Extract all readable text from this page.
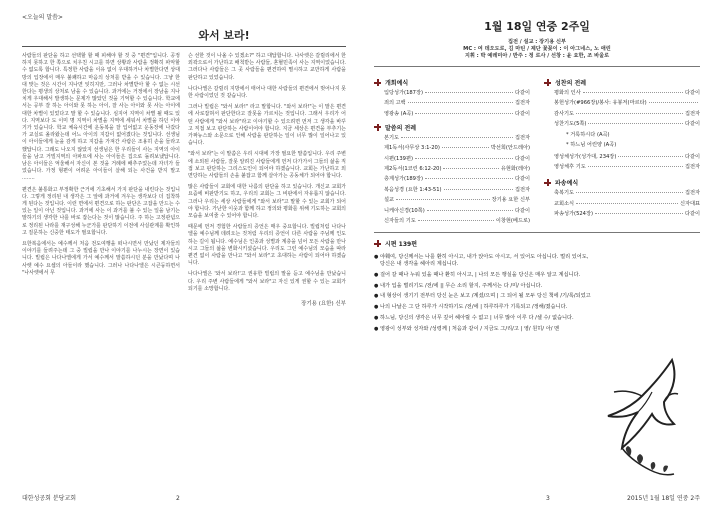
<오늘의 말씀>
와서 보라!

사람들의 판단을 하고 선택할 할 때 피해야 할 것 중 "편견"입니다. 공정하지 못하고 한 쪽으로 치우친 시고를 하면 상황과 사람을 정확히 파악할 수 없도록 합니다. 특정한 사람을 이유 없이 우대하거나 차별한다면 상대방의 입장에서 매우 불쾌하고 마음의 상처를 받을 수 있습니다. 그냥 한 대 맞는 것은 시간이 지나면 잊히지만, 그러나 차별받아 할 수 없는 시선 한다는 평생의 상처로 남을 수 있습니다. 과거에는 거정에서 장남을 지나치게 우대해서 발생하는 문제가 많았던 것을 기억할 수 있습니다. 학교에서는 공부 잘 하는 아이와 못 하는 아이, 잘 사는 아이와 못 사는 아이에 대한 차별이 있었다고 말 할 수 있습니다. 심지어 지역이 차별 될 때도 있다. 지역보다 도 이미 명 지역이 차별을 지역에 세워서 차별을 하던 이야기가 있습니다. 학교 체육시간에 운동복을 잘 입어없고 운동장에 나갔다가 교실로 올라왔는데 어느 아이의 지갑이 없어졌다는 것입니다. 선생님이 아이들에게 눈을 감게 하고 지갑을 가져간 사람은 조용히 손을 들라고 했답니다. 그래도 나오지 않았지 선생님은 한 우리들이 사는 지역의 아이들을 남고 거빌지역의 아파트에 사는 아이들은 집으로 돌려보냈답니다. 남은 아이들은 억울해서 자신이 본 것을 거례에 배추주었는데 자녀가 들었습니다. 가정 형편이 어려운 아이들이 살해 되는 사건을 받지 말고 ........

편견은 불통화고 부정확한 근거에 기초해서 가지 판단을 내린다는 것입니다. 그렇게 정리된 내 생각은 그 앞에 과거에 겨우는 생각보다 더 집착하게 된다는 것입니다. 이런 면에서 편견으로 하는 판단은 고잡을 만드는 수 있는 일이 아닌 것입니다. 과거에 사는 이 과거를 불 수 있는 일을 남기는 말하기의 생각한 나를 바로 잡는다는 것이 많습니다. 주 하는 고정관념으로 정리된 나라를 재구성해 누군가를 판단하기 이전에 사실관계를 확인하고 질문하는 신중한 태도가 필요합니다.

요한복음에서는 예수께서 처음 전도여행을 떠나시면서 만났던 제자들의 이야기를 들려주는데 그 중 빌립을 만나 이야기를 나누시는 장면이 있습니다. 빌립은 나다나엘에게 가서 예수께서 말씀하시던 분을 만났다며 나사렛 예수 요셉의 아들이라 했습니다. 그러나 나다나엘은 시큰둥하면서 "나사렛에서 무

슨 선한 것이 나올 수 있겠소?" 하고 대답합니다. 나사렛은 갈릴리에서 한 외곽으로서 가난하고 배척받는 사람들, 혼혈민족이 사는 지역이었습니다. 그러다나 사람들은 그 곳 사람들을 편견하여 멸시하고 교만하게 사람을 판단하고 있었습니다.

나다나엘은 갈릴리 지방에서 태어나 대한 사람들의 편견에서 벗어나지 못한 사람이었던 것 같습니다.

그러나 빌립은 "와서 보라!" 라고 말합니다. "와서 보라!"는 이 말은 편견에 사로잡혀서 판단한다고 잘못을 가르치는 것입니다. 그래서 우리가 어떤 사람에게 "와서 보라"라고 이야기할 수 있으려면 먼저 그 생각을 바꾸고 직접 보고 판단하는 사람이어야 합니다. 지금 세상은 편견을 부추기는 가짜뉴스와 소문으로 인해 사람을 판단하는 일이 너무 많이 일어나고 있습니다.

"와서 보라"는 이 말씀은 우리 시대에 가장 필요한 말씀입니다. 우리 주변에 소외된 사람들, 잘못 알려진 사람들에게 먼저 다가가서 그들의 삶을 직접 보고 판단하는 그리스도인이 되어야 하겠습니다. 교회는 가난하고 외면당하는 사람들의 손을 붙잡고 함께 살아가는 공동체가 되어야 합니다.

많은 사람들이 교회에 대한 나름의 판단을 하고 있습니다. 개신교 교회가 요즘에 비판받기도 하고, 우리의 교회는 그 비판에서 자유롭지 않습니다. 그러나 우리는 세상 사람들에게 "와서 보라"고 말할 수 있는 교회가 되어야 합니다. 가난한 이웃과 함께 하고 정의와 평화를 위해 기도하는 교회의 모습을 보여줄 수 있어야 합니다.

때문에 먼저 경험한 사람들의 증언은 매우 중요합니다. 빌립처럼 나다나엘을 예수님께 데려오는 것처럼 우리의 증언이 다른 사람을 주님께 인도하는 길이 됩니다. 예수님은 인종과 성별과 계층을 넘어 모든 사람을 만나시고 그들의 삶을 변화시키셨습니다. 우리도 그런 예수님의 모습을 따라 편견 없이 사람을 만나고 "와서 보라"고 초대하는 사람이 되어야 하겠습니다.

나다나엘은 '와서 보라!'고 권유한 빌립의 말을 듣고 예수님을 만났습니다. 우리 주변 사람들에게 "와서 보라"고 자신 있게 권할 수 있는 교회가 되기를 소망합니다.

장기용 (요한) 신부
대한성공회 분당교회	2
1월 18일 연중 2주일
집전 / 설교 : 장기용 신부
MC : 여 데오도로, 김 마틴 / 제단 꽃꽂이 : 이 아그네스, 노 애린
지휘 : 박 예레미아 / 반주 : 정 로사 / 선창 : 윤 요한, 조 바울로
개회예식
입당성가(187장)	다같이
죄의 고백	집전자
영광송 (A곡)	다같이
말씀의 전례
본기도	집전자
제1독서(사무상 3:1-20)	박선희(안드레아)
시편(139편)	다같이
제2독서(1코린 6:12-20)	유현화(레아)
층계성가(189장)	다같이
복음성경 (요한 1:43-51)	집전자
설교	장기용 요한 신부
니케아신경(10쪽)	다같이
신자들의 기도	이창현(베드로)
성찬의 전례
평화의 인사	다같이
봉헌성가(#966장)/봉사: 유봉저(마르타)
감사기도	집전자
성찬기도(5쪽)	다같이
* 거룩하시다 (A곡)
* 하느님 어린양 (A곡)
영성체성가(성가대, 234장)	다같이
영성체후 기도	집전자
파송예식
축복기도	집전자
교회소식	신자대표
파송성가(524장)	다같이
시편 139편
● 야훼여, 당신께서는 나를 환히 아시고, 내가 앉아도 아시고, 서 있어도 아십니다. 멀리 있어도, 당신은 내 생각을 헤아리 계십니다.
● 걸어 갈 때나 누워 있을 때나 환히 아시고, | 나의 모든 행실을 당신은 매우 알고 계십니다.
● 내가 입을 벌리기도 /전/에 || 무슨 소리 할지, 주께서는 다 /미/ 아십니다.
● 내 형상이 생기기 전부터 당신 눈은 보고 /계셨/으며 | 그 되어 될 모두 당신 책에 /기/록/되었고
● 나의 나날은 그 단 하루가 시작하기도 /전/에 | 하루하루가 기록되고 /정해/졌습니다.
● 하느님, 당신의 생각은 너무 깊어 헤아릴 수 없고 | 너무 많아 이루 다 /셀 수/ 없습니다.
● 영광이 성부와 성자와 /성령께 | 처음과 같이 / 지금도 그/리/고 | 영/ 원히/ 아/ 멘
3	2015년 1월 18일 연중 2주
